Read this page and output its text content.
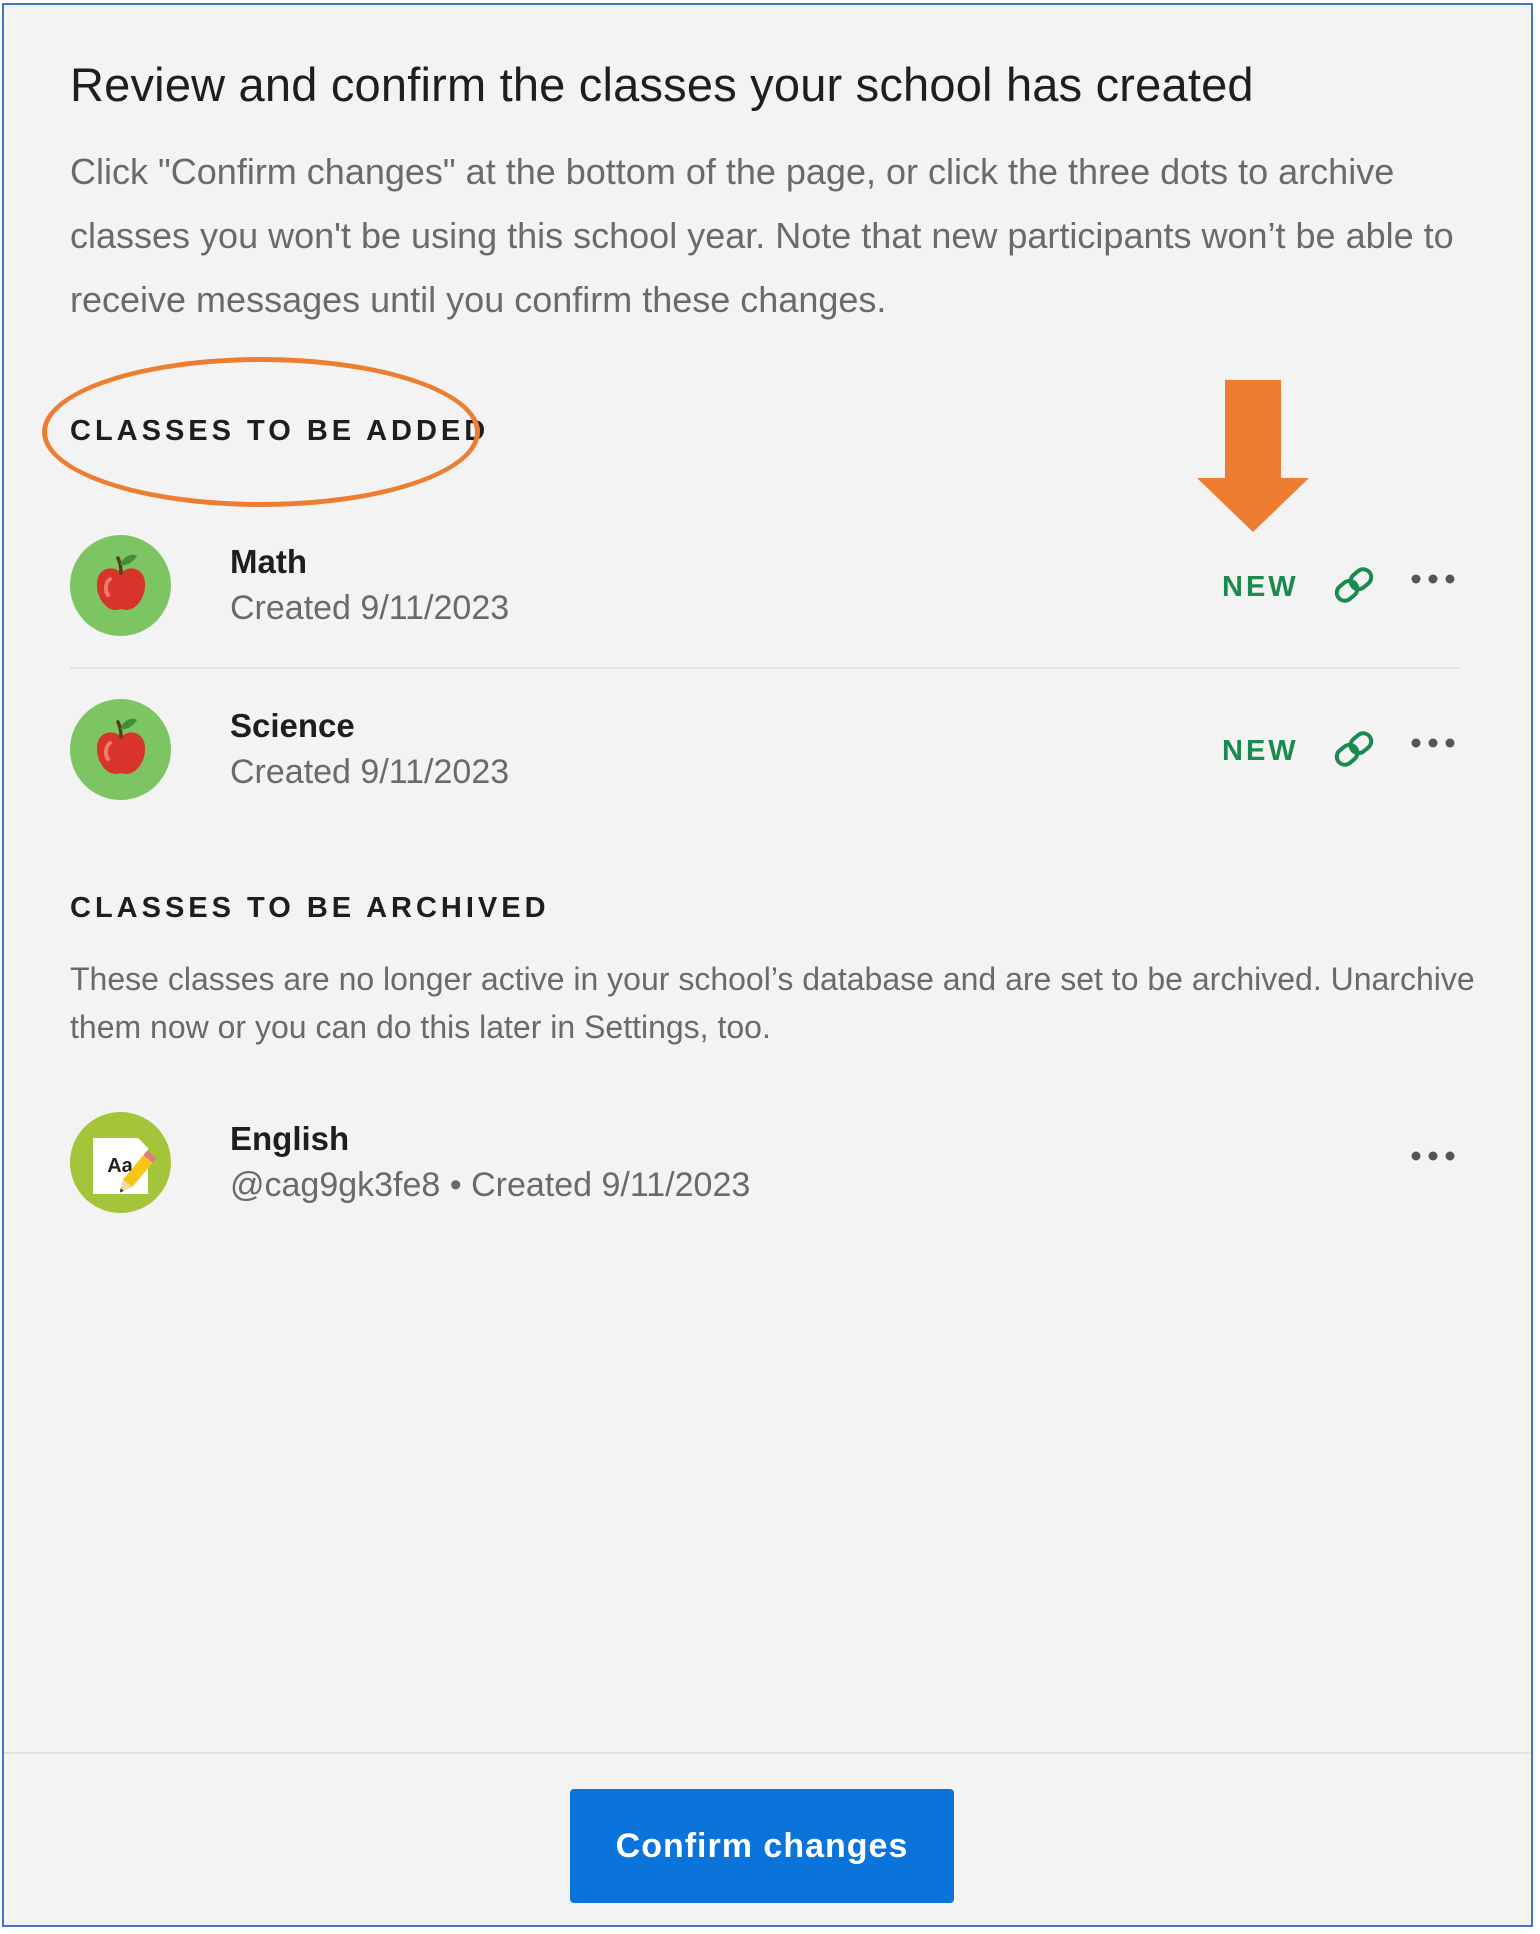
Review and confirm the classes your school has created
Click "Confirm changes" at the bottom of the page, or click the three dots to archive classes you won't be using this school year. Note that new participants won’t be able to receive messages until you confirm these changes.
CLASSES TO BE ADDED
Math
Created 9/11/2023
NEW
Science
Created 9/11/2023
NEW
CLASSES TO BE ARCHIVED
These classes are no longer active in your school’s database and are set to be archived. Unarchive them now or you can do this later in Settings, too.
Aa
English
@cag9gk3fe8 • Created 9/11/2023
Confirm changes
